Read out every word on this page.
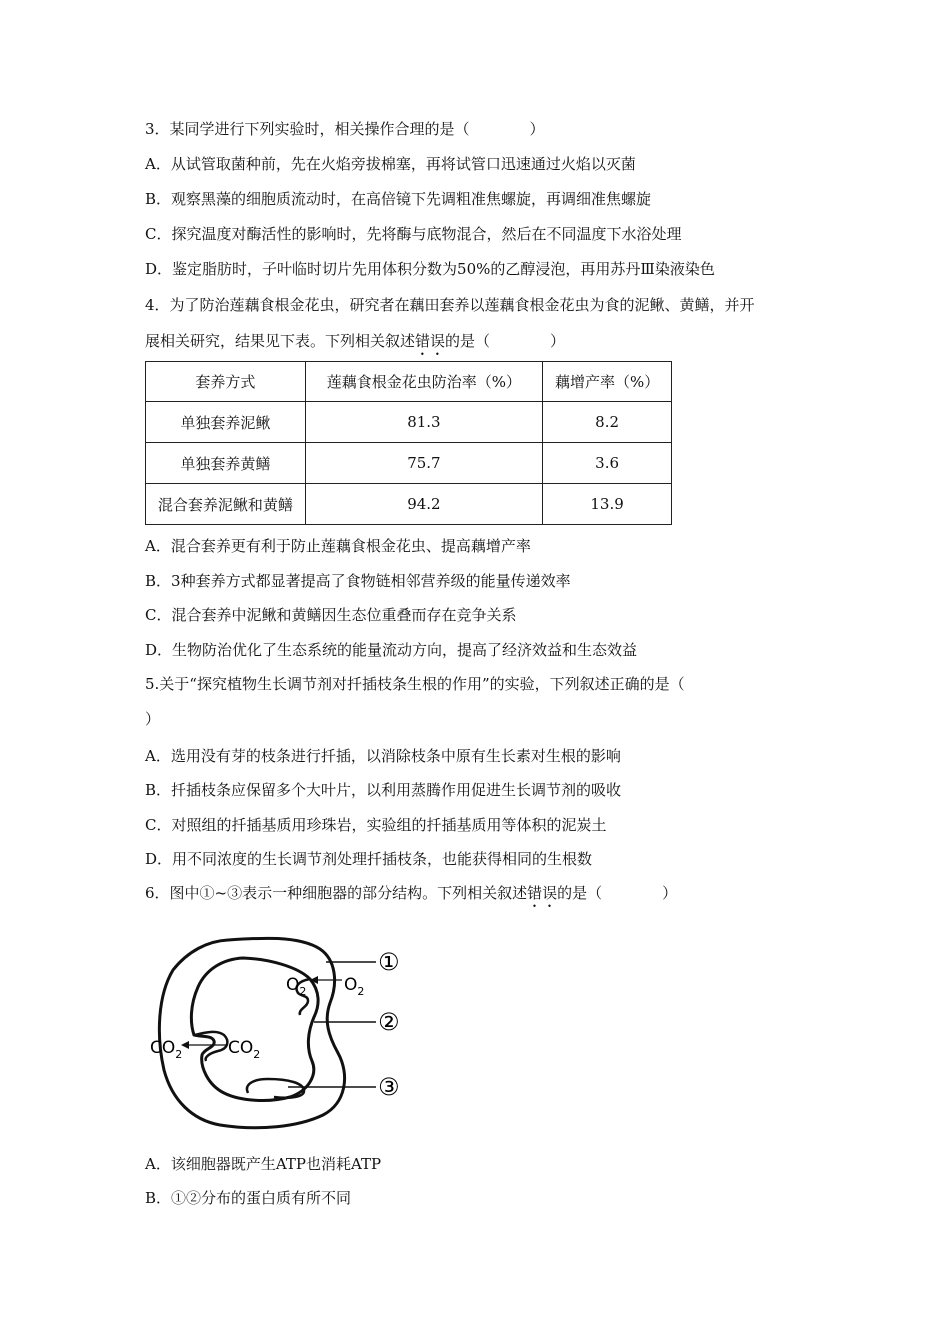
3．某同学进行下列实验时，相关操作合理的是（　　　　）
A．从试管取菌种前，先在火焰旁拔棉塞，再将试管口迅速通过火焰以灭菌
B．观察黑藻的细胞质流动时，在高倍镜下先调粗准焦螺旋，再调细准焦螺旋
C．探究温度对酶活性的影响时，先将酶与底物混合，然后在不同温度下水浴处理
D．鉴定脂肪时，子叶临时切片先用体积分数为50%的乙醇浸泡，再用苏丹Ⅲ染液染色
4．为了防治莲藕食根金花虫，研究者在藕田套养以莲藕食根金花虫为食的泥鳅、黄鳝，并开
展相关研究，结果见下表。下列相关叙述错误的是（　　　　）
套养方式	莲藕食根金花虫防治率（%）	藕增产率（%）
单独套养泥鳅	81.3	8.2
单独套养黄鳝	75.7	3.6
混合套养泥鳅和黄鳝	94.2	13.9
A．混合套养更有利于防止莲藕食根金花虫、提高藕增产率
B．3种套养方式都显著提高了食物链相邻营养级的能量传递效率
C．混合套养中泥鳅和黄鳝因生态位重叠而存在竞争关系
D．生物防治优化了生态系统的能量流动方向，提高了经济效益和生态效益
5.关于“探究植物生长调节剂对扦插枝条生根的作用”的实验，下列叙述正确的是（
）
A．选用没有芽的枝条进行扦插，以消除枝条中原有生长素对生根的影响
B．扦插枝条应保留多个大叶片，以利用蒸腾作用促进生长调节剂的吸收
C．对照组的扦插基质用珍珠岩，实验组的扦插基质用等体积的泥炭土
D．用不同浓度的生长调节剂处理扦插枝条，也能获得相同的生根数
6．图中①~③表示一种细胞器的部分结构。下列相关叙述错误的是（　　　　）
①
②
③
$O_2$ $O_2$
$CO_2$	$CO_2$
A．该细胞器既产生ATP也消耗ATP
B．①②分布的蛋白质有所不同
